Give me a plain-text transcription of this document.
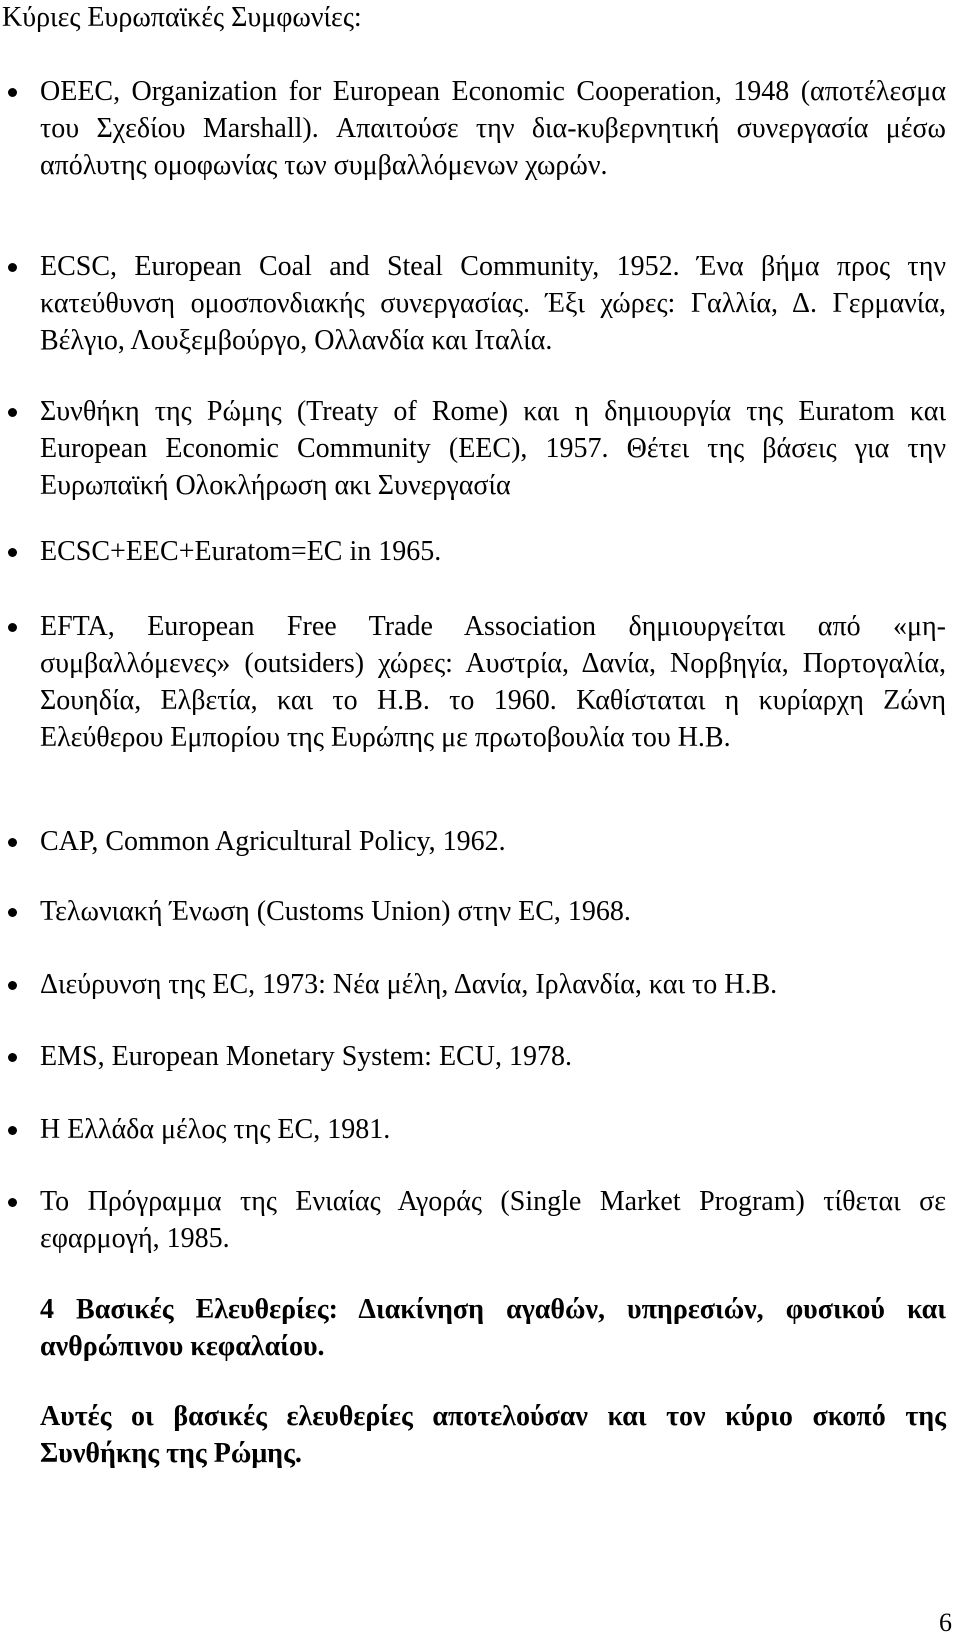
Κύριες Ευρωπαϊκές Συμφωνίες:

OEEC, Organization for European Economic Cooperation, 1948 (αποτέλεσμα του Σχεδίου Marshall). Απαιτούσε την δια-κυβερνητική συνεργασία μέσω απόλυτης ομοφωνίας των συμβαλλόμενων χωρών.

ECSC, European Coal and Steal Community, 1952. Ένα βήμα προς την κατεύθυνση ομοσπονδιακής συνεργασίας. Έξι χώρες: Γαλλία, Δ. Γερμανία, Βέλγιο, Λουξεμβούργο, Ολλανδία και Ιταλία.

Συνθήκη της Ρώμης (Treaty of Rome) και η δημιουργία της Euratom και European Economic Community (EEC), 1957. Θέτει της βάσεις για την Ευρωπαϊκή Ολοκλήρωση ακι Συνεργασία

ECSC+EEC+Euratom=EC in 1965.

EFTA, European Free Trade Association δημιουργείται από «μη-συμβαλλόμενες» (outsiders) χώρες: Αυστρία, Δανία, Νορβηγία, Πορτογαλία, Σουηδία, Ελβετία, και το Η.Β. το 1960. Καθίσταται η κυρίαρχη Ζώνη Ελεύθερου Εμπορίου της Ευρώπης με πρωτοβουλία του Η.Β.

CAP, Common Agricultural Policy, 1962.

Τελωνιακή Ένωση (Customs Union) στην EC, 1968.

Διεύρυνση της EC, 1973: Νέα μέλη, Δανία, Ιρλανδία, και το Η.Β.

EMS, European Monetary System: ECU, 1978.

Η Ελλάδα μέλος της EC, 1981.

Το Πρόγραμμα της Ενιαίας Αγοράς (Single Market Program) τίθεται σε εφαρμογή, 1985.

4 Βασικές Ελευθερίες: Διακίνηση αγαθών, υπηρεσιών, φυσικού και ανθρώπινου κεφαλαίου.

Αυτές οι βασικές ελευθερίες αποτελούσαν και τον κύριο σκοπό της Συνθήκης της Ρώμης.

6
